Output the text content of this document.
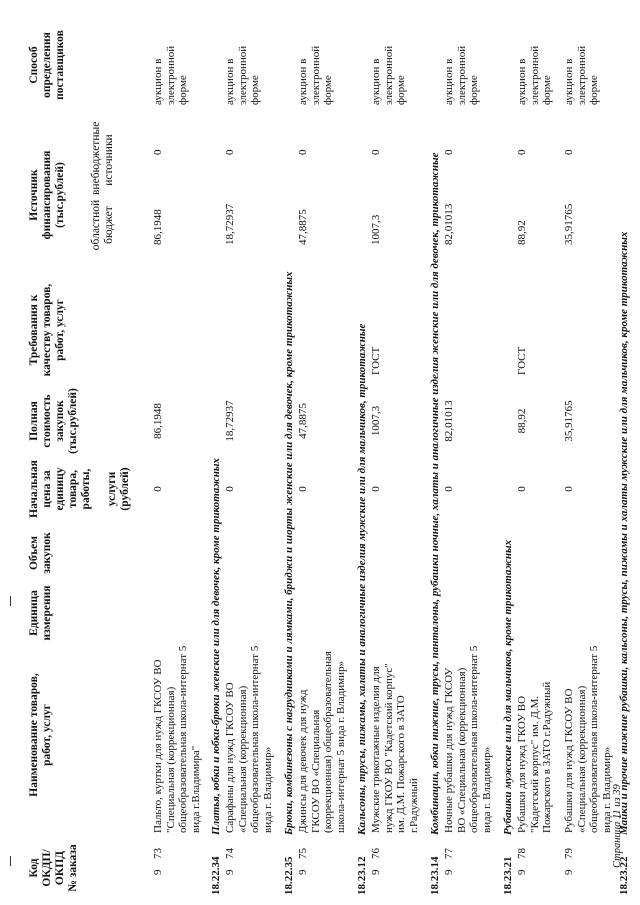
Код
ОКДП/
ОКПД
№ заказа
Наименование товаров,
работ, услуг
Единица
измерения
Объем
закупок
Начальная
цена за
единицу
товара,
работы,

услуги
(рублей)
Полная
стоимость
закупок
(тыс.рублей)
Требования к
качеству товаров,
работ, услуг
Источник
финансирования
(тыс.рублей) областной
бюджет
внебюджетные
источники
Способ
определения
поставщиков
9
73
Пальто, куртки для нужд ГКСОУ ВО
"Специальная (коррекционная)
общеобразовательная школа-интернат 5
вида г.Владимира"
0
86,1948
86,1948
0
аукцион в
электронной
форме
18.22.34
Платья, юбки и юбки-брюки женские или для девочек, кроме трикотажных
9
74
Сарафаны для нужд ГКСОУ ВО
«Специальная (коррекционная)
общеобразовательная школа-интернат 5
вида г. Владимир»
0
18,72937
18,72937
0
аукцион в
электронной
форме
18.22.35
Брюки, комбинезоны с нагрудниками и лямками, бриджи и шорты женские или для девочек, кроме трикотажных
9
75
Джинсы для девочек для нужд
ГКСОУ ВО «Специальная
(коррекционная) общеобразовательная
школа-интернат 5 вида г. Владимир»
0
47,8875
47,8875
0
аукцион в
электронной
форме
18.23.12
Кальсоны, трусы, пижамы, халаты и аналогичные изделия мужские или для мальчиков, трикотажные
9
76
Мужские трикотажные изделия для
нужд ГКОУ ВО "Кадетский корпус"
им. Д.М. Пожарского в ЗАТО
г.Радужный
0
1007,3
ГОСТ
1007,3
0
аукцион в
электронной
форме
18.23.14
Комбинации, юбки нижние, трусы, панталоны, рубашки ночные, халаты и аналогичные изделия женские или для девочек, трикотажные
9
77
Ночные рубашки для нужд ГКСОУ
ВО «Специальная (коррекционная)
общеобразовательная школа-интернат 5
вида г. Владимир»
0
82,01013
82,01013
0
аукцион в
электронной
форме
18.23.21
Рубашки мужские или для мальчиков, кроме трикотажных
9
78
Рубашки для нужд ГКОУ ВО
"Кадетский корпус" им. Д.М.
Пожарского в ЗАТО г.Радужный
0
88,92
ГОСТ
88,92
0
аукцион в
электронной
форме
9
79
Рубашки для нужд ГКСОУ ВО
«Специальная (коррекционная)
общеобразовательная школа-интернат 5
вида г. Владимир»
0
35,91765
35,91765
0
аукцион в
электронной
форме
18.23.22
Майки и прочие нижние рубашки, кальсоны, трусы, пижамы и халаты мужские или для мальчиков, кроме трикотажных
Страница 11 из 39
